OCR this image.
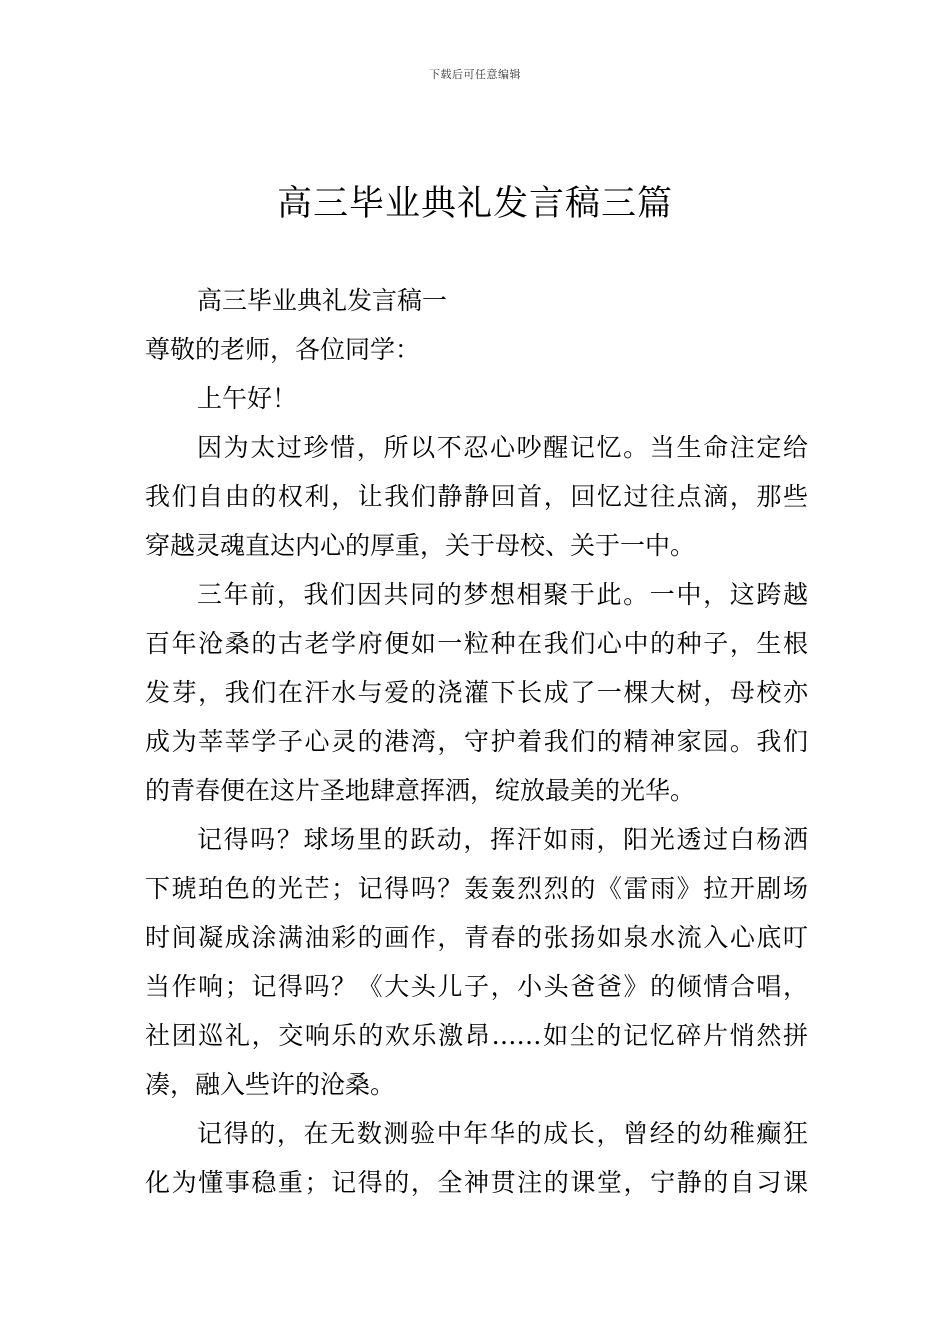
下载后可任意编辑
高三毕业典礼发言稿三篇
高三毕业典礼发言稿一
尊敬的老师，各位同学：
上午好！
因为太过珍惜，所以不忍心吵醒记忆。当生命注定给
我们自由的权利，让我们静静回首，回忆过往点滴，那些
穿越灵魂直达内心的厚重，关于母校、关于一中。
三年前，我们因共同的梦想相聚于此。一中，这跨越
百年沧桑的古老学府便如一粒种在我们心中的种子，生根
发芽，我们在汗水与爱的浇灌下长成了一棵大树，母校亦
成为莘莘学子心灵的港湾，守护着我们的精神家园。我们
的青春便在这片圣地肆意挥洒，绽放最美的光华。
记得吗？球场里的跃动，挥汗如雨，阳光透过白杨洒
下琥珀色的光芒；记得吗？轰轰烈烈的《雷雨》拉开剧场
时间凝成涂满油彩的画作，青春的张扬如泉水流入心底叮
当作响；记得吗？《大头儿子，小头爸爸》的倾情合唱，
社团巡礼，交响乐的欢乐激昂……如尘的记忆碎片悄然拼
凑，融入些许的沧桑。
记得的，在无数测验中年华的成长，曾经的幼稚癫狂
化为懂事稳重；记得的，全神贯注的课堂，宁静的自习课
